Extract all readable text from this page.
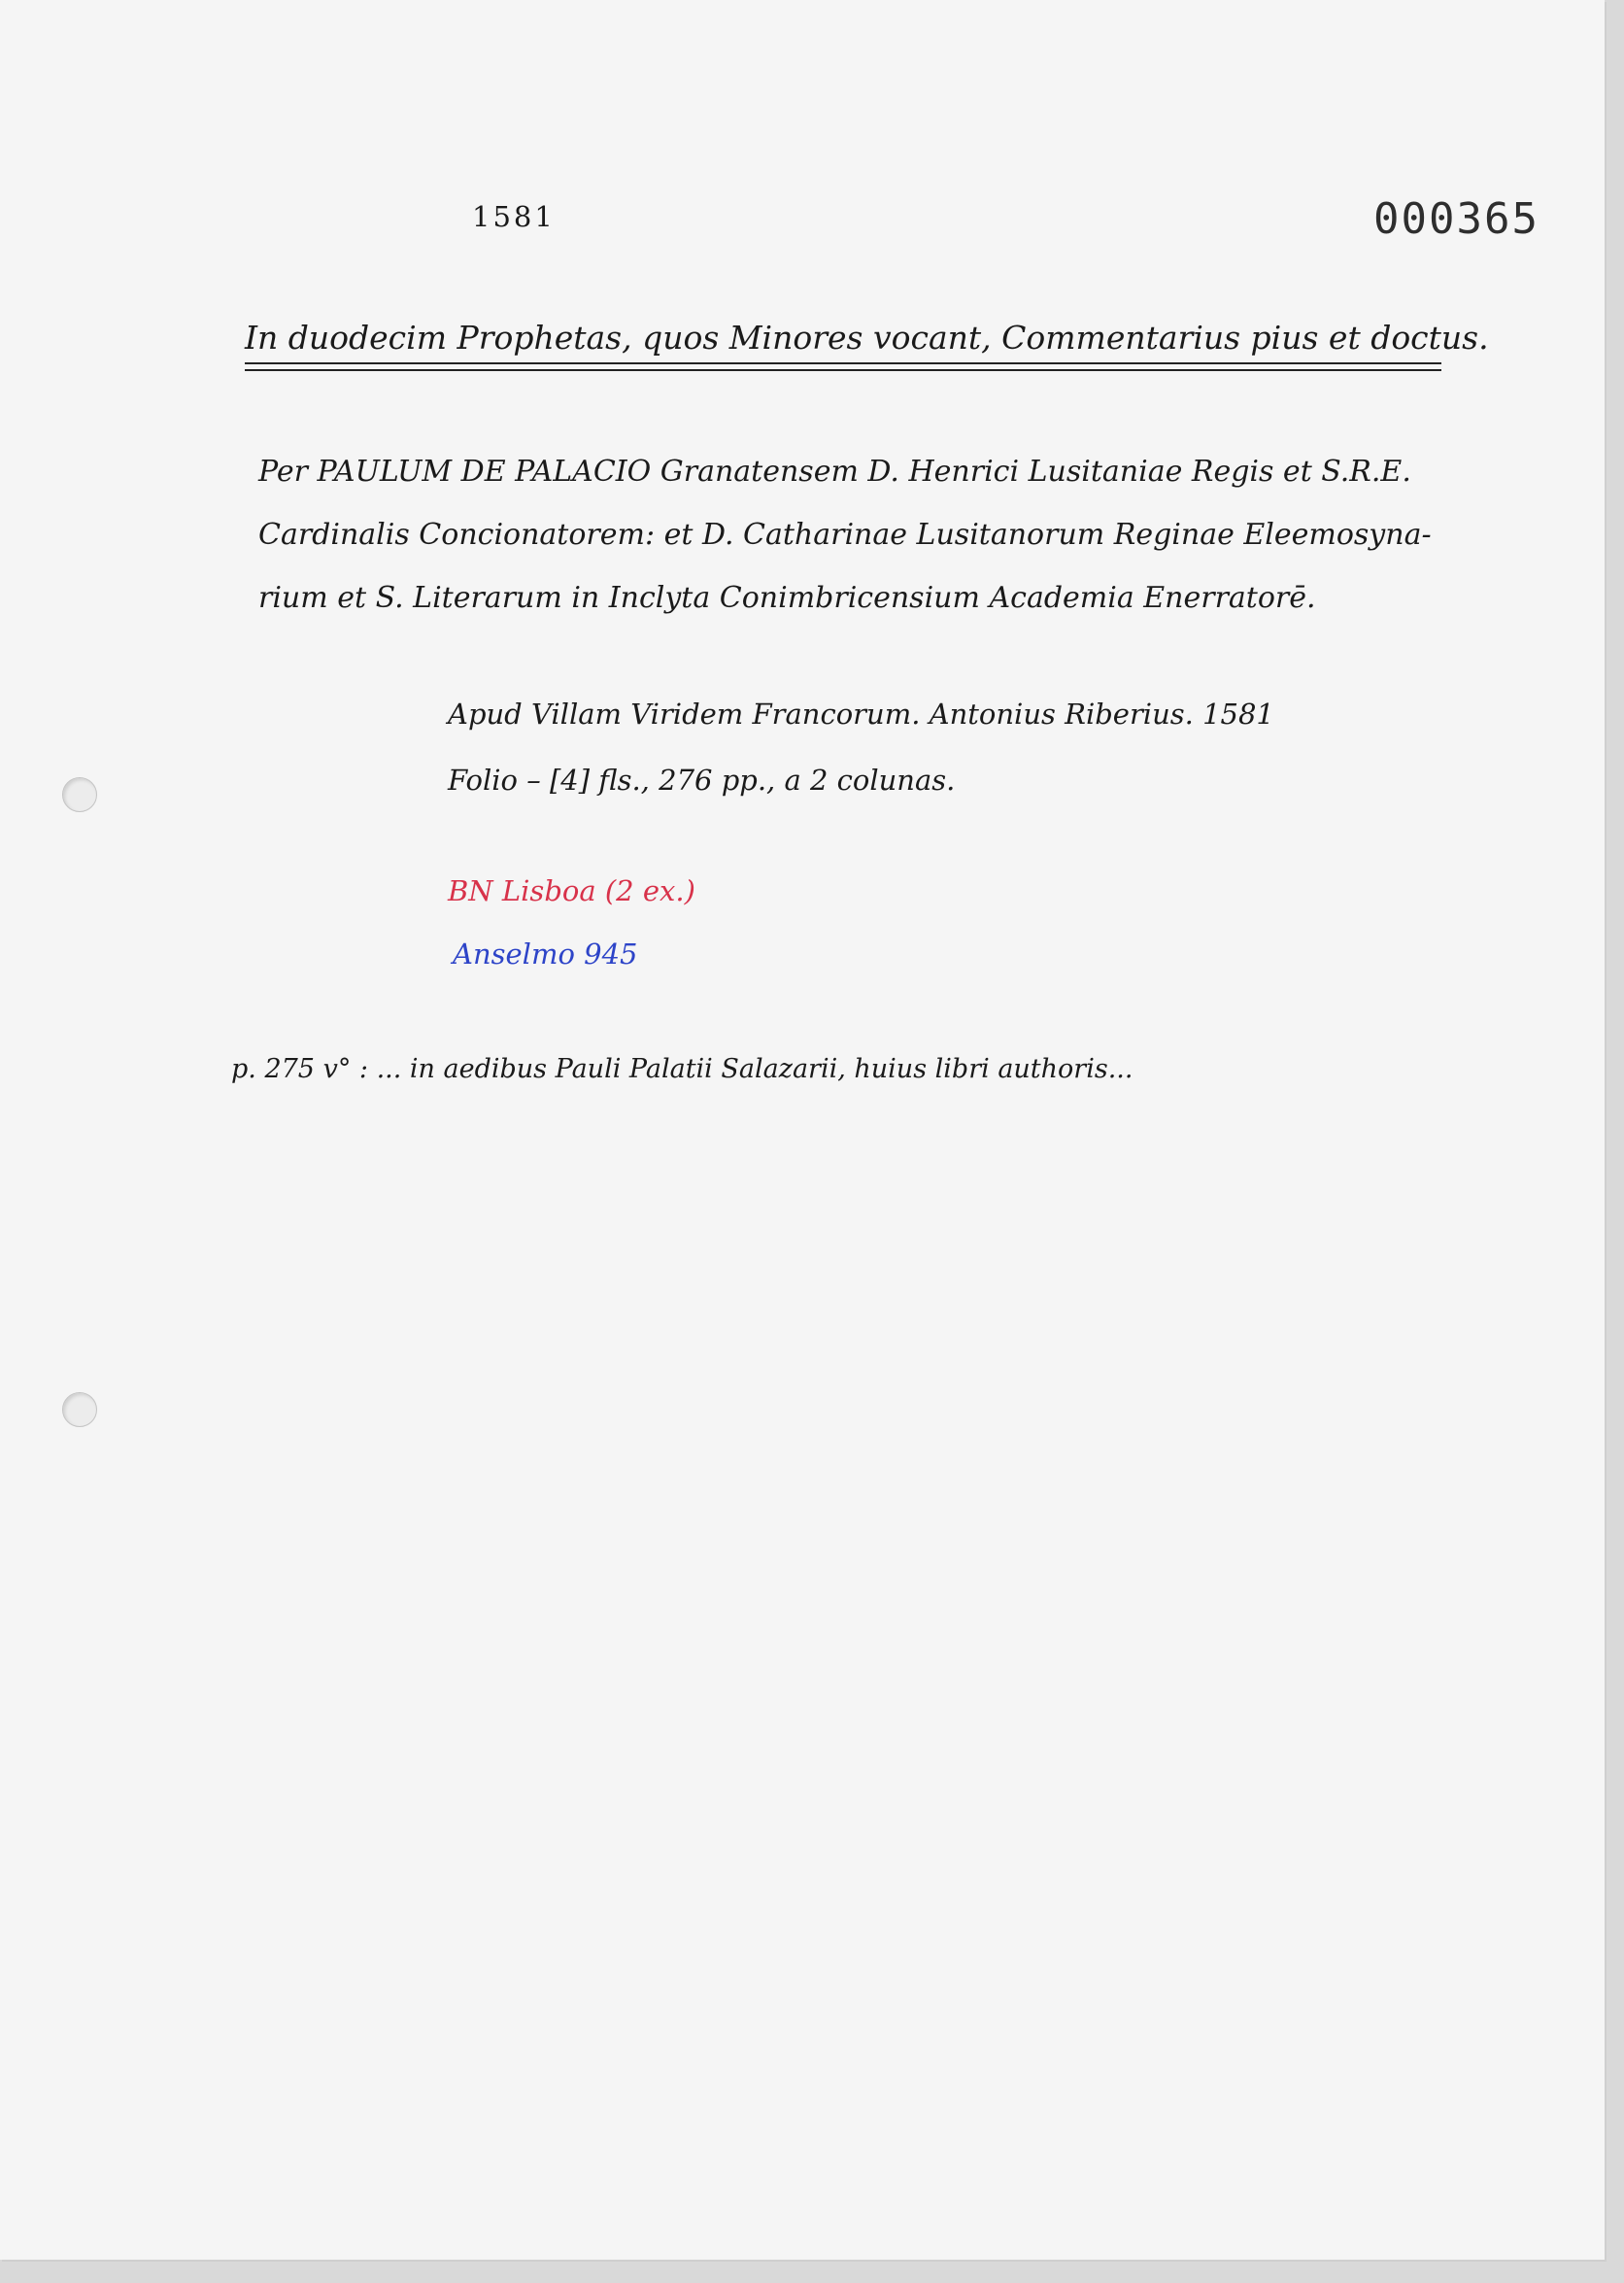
1581	000365
In duodecim Prophetas, quos Minores vocant, Commentarius pius et doctus.
Per PAULUM DE PALACIO Granatensem D. Henrici Lusitaniae Regis et S.R.E.
Cardinalis Concionatorem: et D. Catharinae Lusitanorum Reginae Eleemosyna-
rium et S. Literarum in Inclyta Conimbricensium Academia Enerratorē.
Apud Villam Viridem Francorum. Antonius Riberius. 1581
Folio – [4] fls., 276 pp., a 2 colunas.
BN Lisboa (2 ex.)
Anselmo 945
p. 275 v° : ... in aedibus Pauli Palatii Salazarii, huius libri authoris...
